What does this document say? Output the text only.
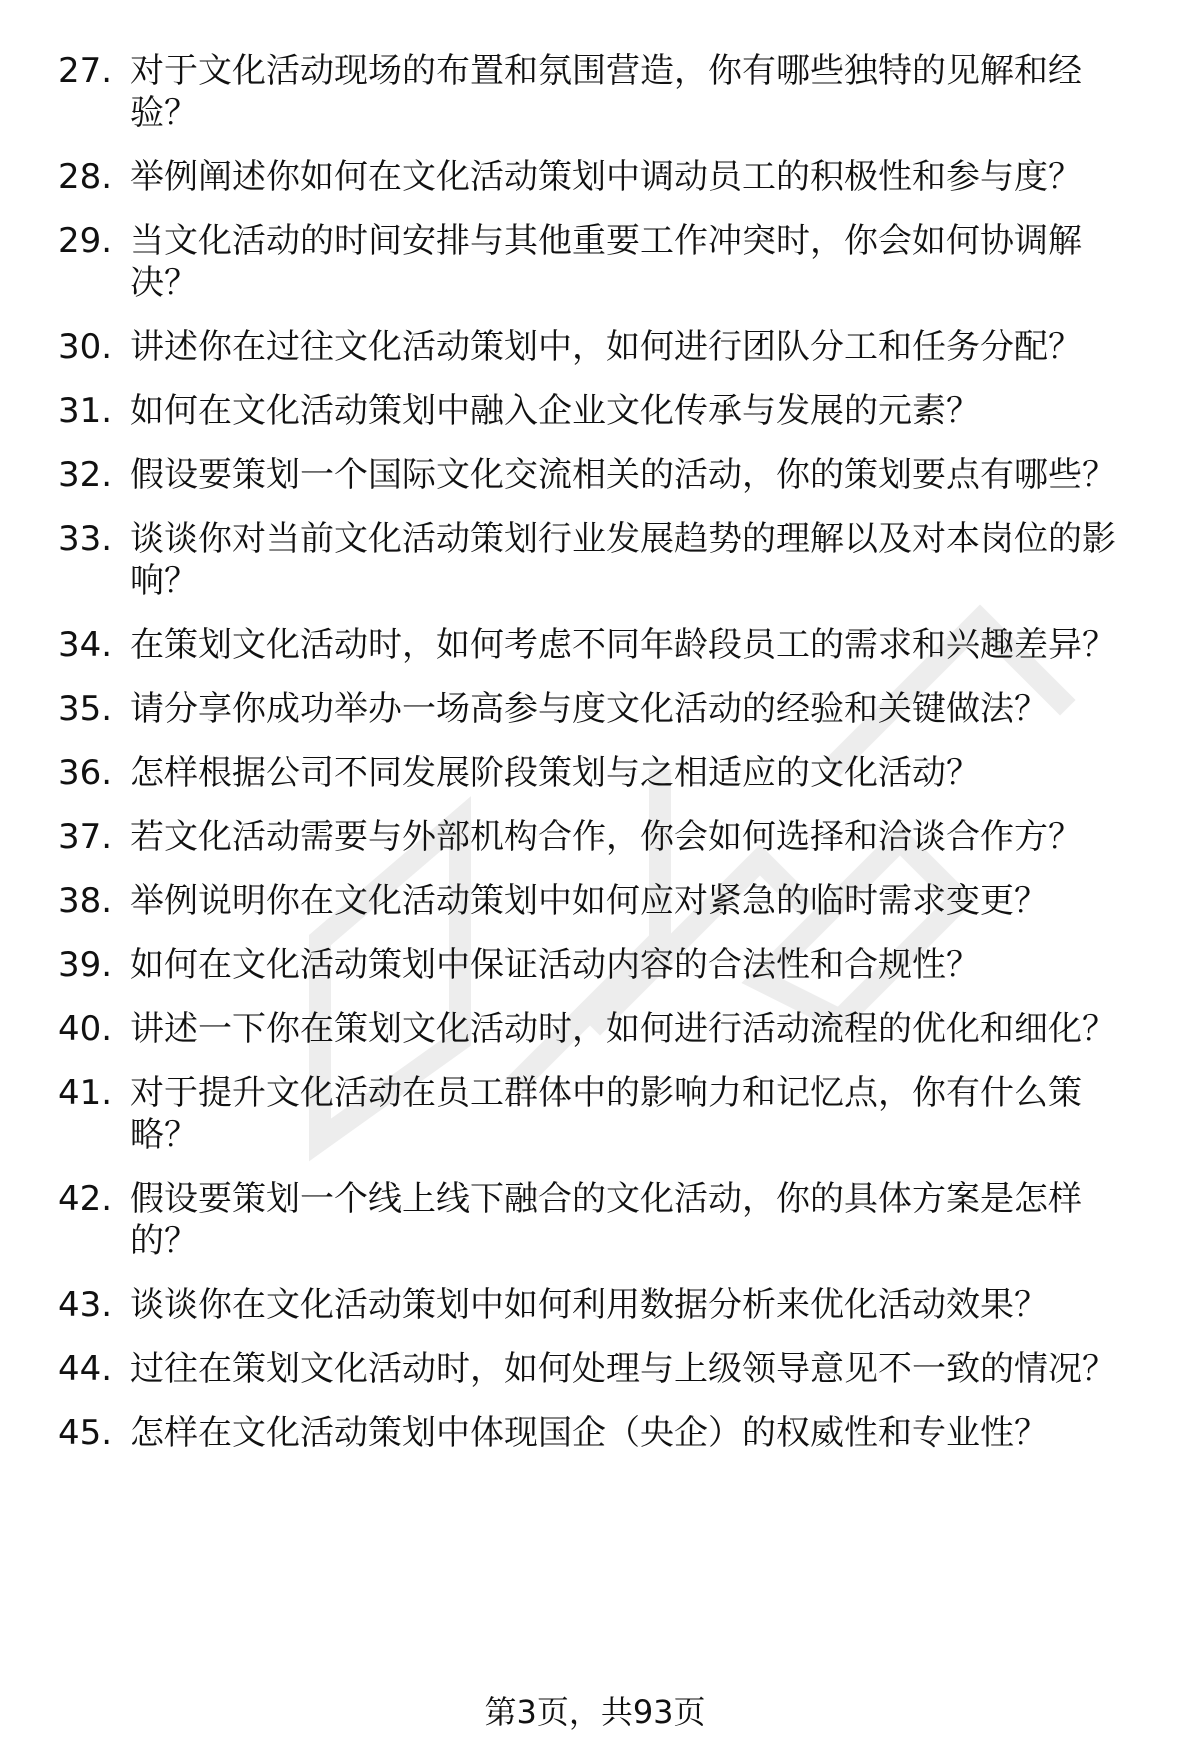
27. 对于文化活动现场的布置和氛围营造，你有哪些独特的见解和经验？
28. 举例阐述你如何在文化活动策划中调动员工的积极性和参与度？
29. 当文化活动的时间安排与其他重要工作冲突时，你会如何协调解决？
30. 讲述你在过往文化活动策划中，如何进行团队分工和任务分配？
31. 如何在文化活动策划中融入企业文化传承与发展的元素？
32. 假设要策划一个国际文化交流相关的活动，你的策划要点有哪些？
33. 谈谈你对当前文化活动策划行业发展趋势的理解以及对本岗位的影响？
34. 在策划文化活动时，如何考虑不同年龄段员工的需求和兴趣差异？
35. 请分享你成功举办一场高参与度文化活动的经验和关键做法？
36. 怎样根据公司不同发展阶段策划与之相适应的文化活动？
37. 若文化活动需要与外部机构合作，你会如何选择和洽谈合作方？
38. 举例说明你在文化活动策划中如何应对紧急的临时需求变更？
39. 如何在文化活动策划中保证活动内容的合法性和合规性？
40. 讲述一下你在策划文化活动时，如何进行活动流程的优化和细化？
41. 对于提升文化活动在员工群体中的影响力和记忆点，你有什么策略？
42. 假设要策划一个线上线下融合的文化活动，你的具体方案是怎样的？
43. 谈谈你在文化活动策划中如何利用数据分析来优化活动效果？
44. 过往在策划文化活动时，如何处理与上级领导意见不一致的情况？
45. 怎样在文化活动策划中体现国企（央企）的权威性和专业性？
第3页，共93页
